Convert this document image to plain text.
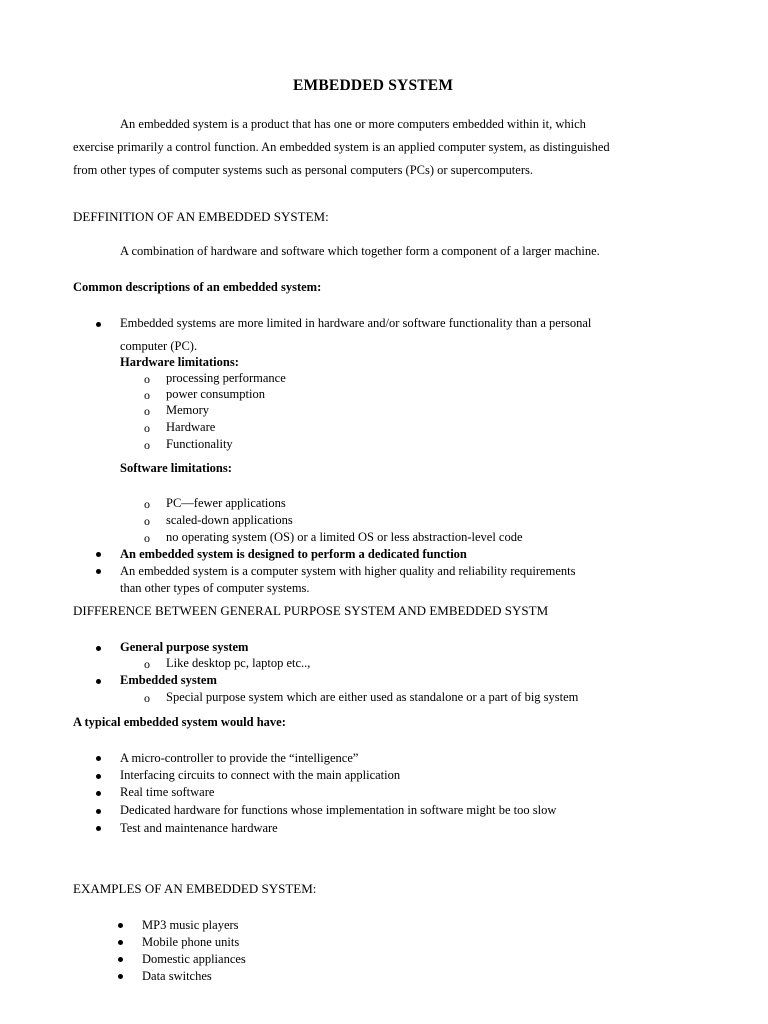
EMBEDDED SYSTEM
An embedded system is a product that has one or more computers embedded within it, which
exercise primarily a control function. An embedded system is an applied computer system, as distinguished
from other types of computer systems such as personal computers (PCs) or supercomputers.
DEFFINITION OF AN EMBEDDED SYSTEM:
A combination of hardware and software which together form a component of a larger machine.
Common descriptions of an embedded system:
Embedded systems are more limited in hardware and/or software functionality than a personal
computer (PC).
Hardware limitations:
o processing performance
o power consumption
o Memory
o Hardware
o Functionality
Software limitations:
o PC—fewer applications
o scaled-down applications
o no operating system (OS) or a limited OS or less abstraction-level code
An embedded system is designed to perform a dedicated function
An embedded system is a computer system with higher quality and reliability requirements
than other types of computer systems.
DIFFERENCE BETWEEN GENERAL PURPOSE SYSTEM AND EMBEDDED SYSTM
General purpose system
o Like desktop pc, laptop etc..,
Embedded system
o Special purpose system which are either used as standalone or a part of big system
A typical embedded system would have:
A micro-controller to provide the “intelligence”
Interfacing circuits to connect with the main application
Real time software
Dedicated hardware for functions whose implementation in software might be too slow
Test and maintenance hardware
EXAMPLES OF AN EMBEDDED SYSTEM:
MP3 music players
Mobile phone units
Domestic appliances
Data switches
